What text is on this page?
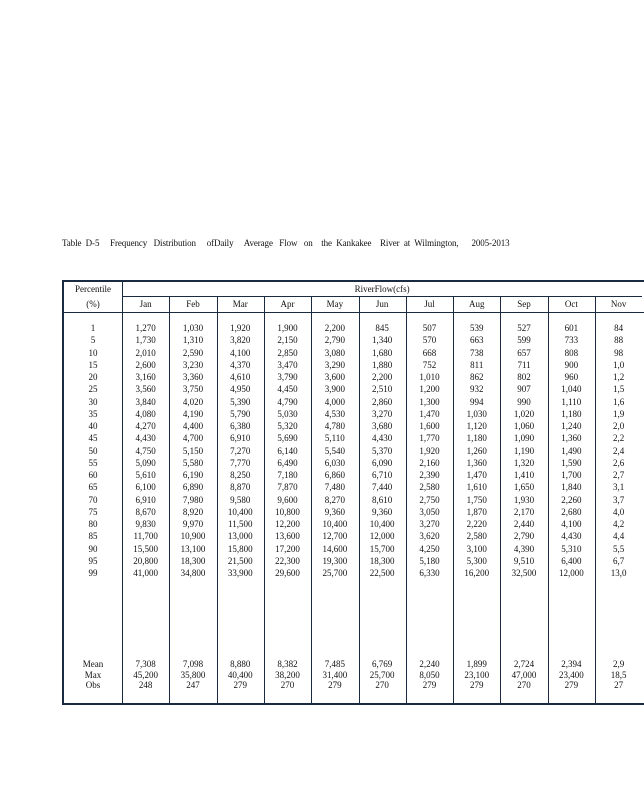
Table  D-5     Frequency   Distribution     ofDaily     Average   Flow   on    the  Kankakee    River  at  Wilmington,      2005-2013
Percentile
(%)
RiverFlow(cfs)
Jan	Feb	Mar	Apr	May	Jun	Jul	Aug	Sep	Oct	Nov
1	1,270	1,030	1,920	1,900	2,200	845	507	539	527	601	84
5	1,730	1,310	3,820	2,150	2,790	1,340	570	663	599	733	88
10	2,010	2,590	4,100	2,850	3,080	1,680	668	738	657	808	98
15	2,600	3,230	4,370	3,470	3,290	1,880	752	811	711	900	1,0
20	3,160	3,360	4,610	3,790	3,600	2,200	1,010	862	802	960	1,2
25	3,560	3,750	4,950	4,450	3,900	2,510	1,200	932	907	1,040	1,5
30	3,840	4,020	5,390	4,790	4,000	2,860	1,300	994	990	1,110	1,6
35	4,080	4,190	5,790	5,030	4,530	3,270	1,470	1,030	1,020	1,180	1,9
40	4,270	4,400	6,380	5,320	4,780	3,680	1,600	1,120	1,060	1,240	2,0
45	4,430	4,700	6,910	5,690	5,110	4,430	1,770	1,180	1,090	1,360	2,2
50	4,750	5,150	7,270	6,140	5,540	5,370	1,920	1,260	1,190	1,490	2,4
55	5,090	5,580	7,770	6,490	6,030	6,090	2,160	1,360	1,320	1,590	2,6
60	5,610	6,190	8,250	7,180	6,860	6,710	2,390	1,470	1,410	1,700	2,7
65	6,100	6,890	8,870	7,870	7,480	7,440	2,580	1,610	1,650	1,840	3,1
70	6,910	7,980	9,580	9,600	8,270	8,610	2,750	1,750	1,930	2,260	3,7
75	8,670	8,920	10,400	10,800	9,360	9,360	3,050	1,870	2,170	2,680	4,0
80	9,830	9,970	11,500	12,200	10,400	10,400	3,270	2,220	2,440	4,100	4,2
85	11,700	10,900	13,000	13,600	12,700	12,000	3,620	2,580	2,790	4,430	4,4
90	15,500	13,100	15,800	17,200	14,600	15,700	4,250	3,100	4,390	5,310	5,5
95	20,800	18,300	21,500	22,300	19,300	18,300	5,180	5,300	9,510	6,400	6,7
99	41,000	34,800	33,900	29,600	25,700	22,500	6,330	16,200	32,500	12,000	13,0
Mean	7,308	7,098	8,880	8,382	7,485	6,769	2,240	1,899	2,724	2,394	2,9
Max	45,200	35,800	40,400	38,200	31,400	25,700	8,050	23,100	47,000	23,400	18,5
Obs	248	247	279	270	279	270	279	279	270	279	27
